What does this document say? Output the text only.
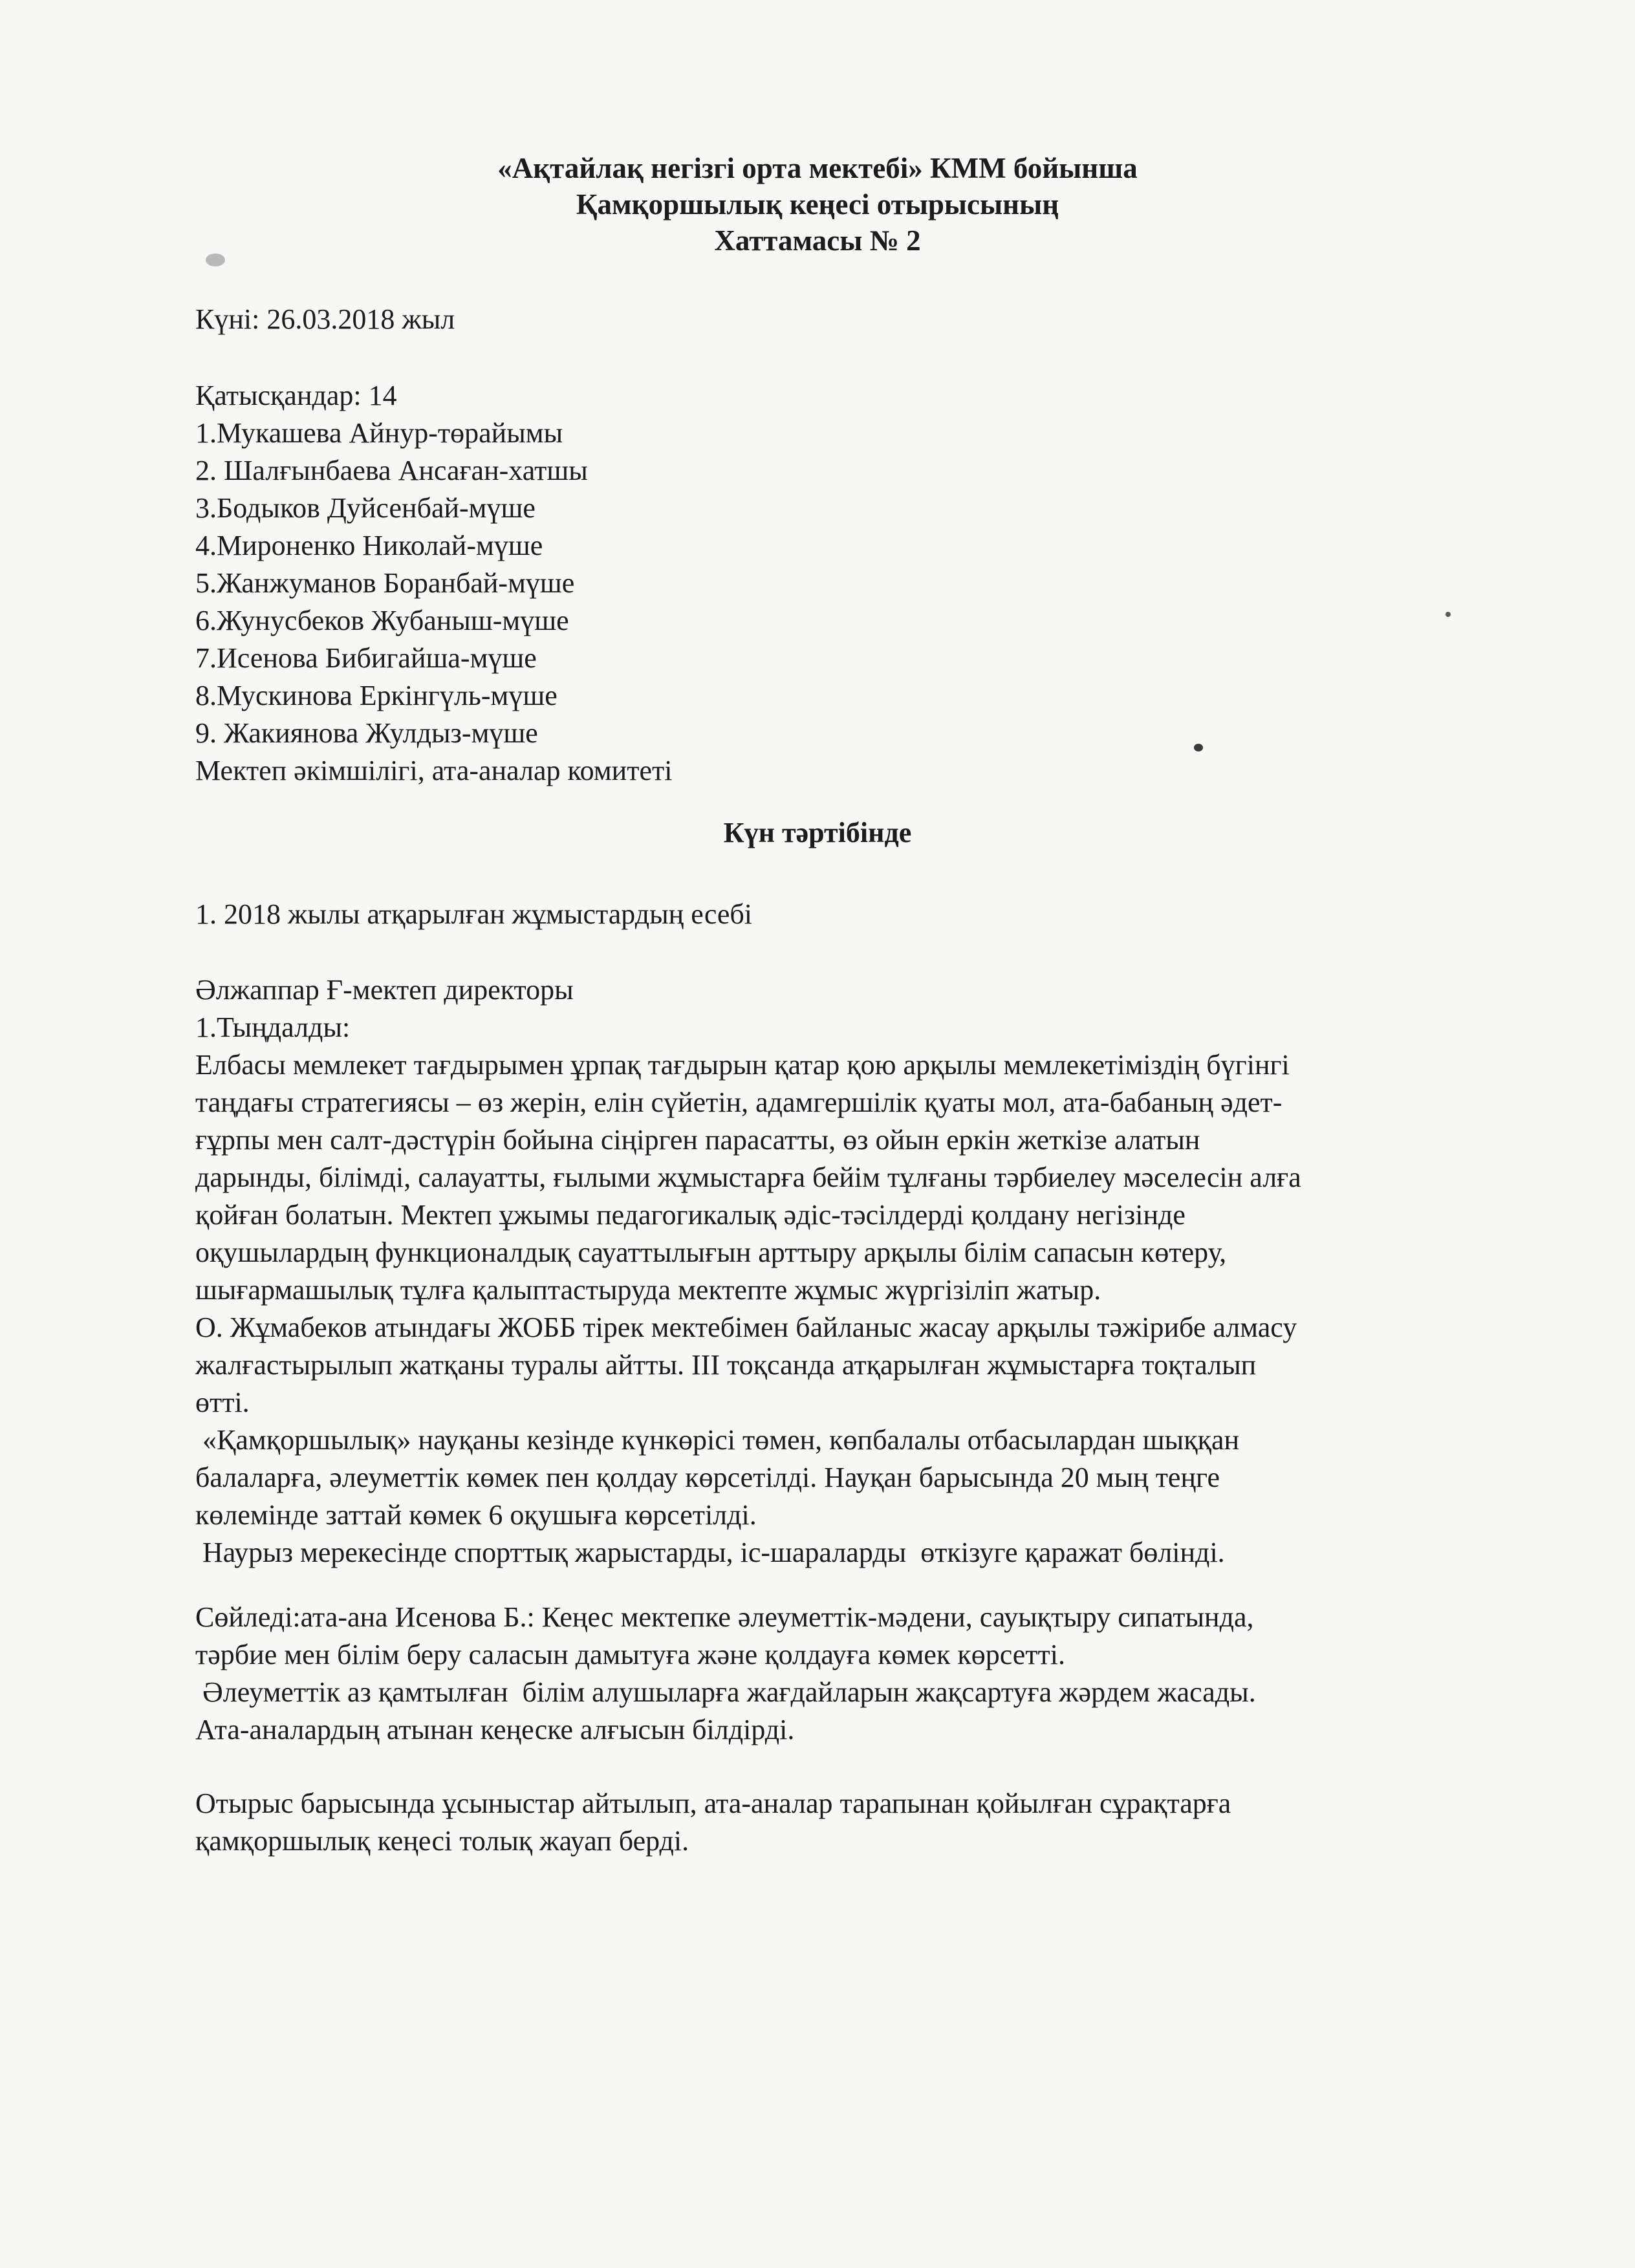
«Ақтайлақ негізгі орта мектебі» КММ бойынша
Қамқоршылық кеңесі отырысының
Хаттамасы № 2
Күні: 26.03.2018 жыл
Қатысқандар: 14
1.Мукашева Айнур-төрайымы
2. Шалғынбаева Ансаған-хатшы
3.Бодыков Дуйсенбай-мүше
4.Мироненко Николай-мүше
5.Жанжуманов Боранбай-мүше
6.Жунусбеков Жубаныш-мүше
7.Исенова Бибигайша-мүше
8.Мускинова Еркінгүль-мүше
9. Жакиянова Жулдыз-мүше
Мектеп әкімшілігі, ата-аналар комитеті
Күн тәртібінде
1. 2018 жылы атқарылған жұмыстардың есебі
Әлжаппар Ғ-мектеп директоры
1.Тыңдалды:
Елбасы мемлекет тағдырымен ұрпақ тағдырын қатар қою арқылы мемлекетіміздің бүгінгі
таңдағы стратегиясы – өз жерін, елін сүйетін, адамгершілік қуаты мол, ата-бабаның әдет-
ғұрпы мен салт-дәстүрін бойына сіңірген парасатты, өз ойын еркін жеткізе алатын
дарынды, білімді, салауатты, ғылыми жұмыстарға бейім тұлғаны тәрбиелеу мәселесін алға
қойған болатын. Мектеп ұжымы педагогикалық әдіс-тәсілдерді қолдану негізінде
оқушылардың функционалдық сауаттылығын арттыру арқылы білім сапасын көтеру,
шығармашылық тұлға қалыптастыруда мектепте жұмыс жүргізіліп жатыр.
О. Жұмабеков атындағы ЖОББ тірек мектебімен байланыс жасау арқылы тәжірибе алмасу
жалғастырылып жатқаны туралы айтты. ІІІ тоқсанда атқарылған жұмыстарға тоқталып
өтті.
«Қамқоршылық» науқаны кезінде күнкөрісі төмен, көпбалалы отбасылардан шыққан
балаларға, әлеуметтік көмек пен қолдау көрсетілді. Науқан барысында 20 мың теңге
көлемінде заттай көмек 6 оқушыға көрсетілді.
Наурыз мерекесінде спорттық жарыстарды, іс-шараларды  өткізуге қаражат бөлінді.
Сөйледі:ата-ана Исенова Б.: Кеңес мектепке әлеуметтік-мәдени, сауықтыру сипатында,
тәрбие мен білім беру саласын дамытуға және қолдауға көмек көрсетті.
Әлеуметтік аз қамтылған  білім алушыларға жағдайларын жақсартуға жәрдем жасады.
Ата-аналардың атынан кеңеске алғысын білдірді.
Отырыс барысында ұсыныстар айтылып, ата-аналар тарапынан қойылған сұрақтарға
қамқоршылық кеңесі толық жауап берді.
